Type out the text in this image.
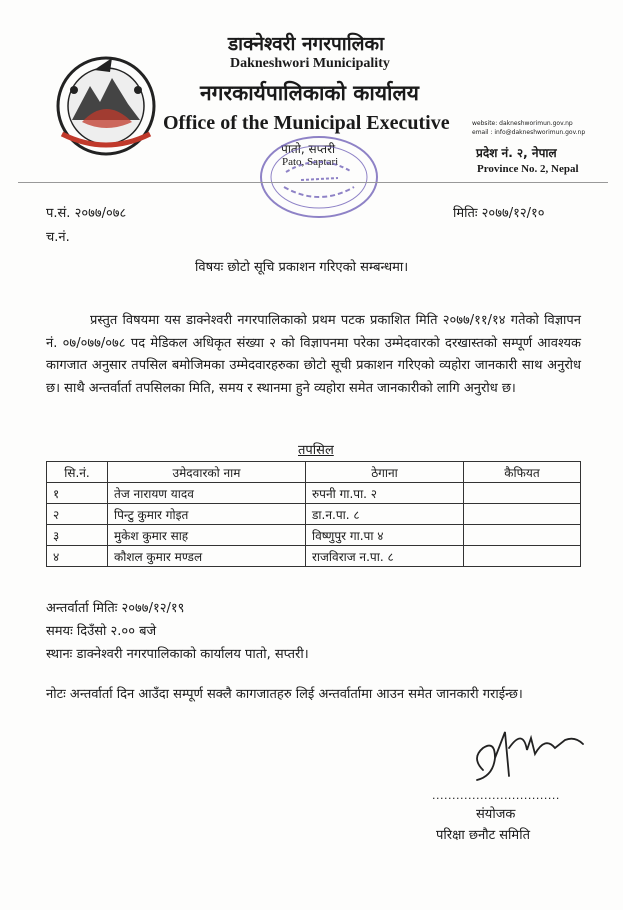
डाक्नेश्वरी नगरपालिका
Dakneshwori Municipality
नगरकार्यपालिकाको कार्यालय
Office of the Municipal Executive
पातो, सप्तरी
Pato, Saptari
website: dakneshworimun.gov.np
email : info@dakneshworimun.gov.np
प्रदेश नं. २, नेपाल
Province No. 2, Nepal
प.सं. २०७७/०७८
च.नं.
मितिः २०७७/१२/१०
विषयः छोटो सूचि प्रकाशन गरिएको सम्बन्धमा।
प्रस्तुत विषयमा यस डाक्नेश्वरी नगरपालिकाको प्रथम पटक प्रकाशित मिति २०७७/११/१४ गतेको विज्ञापन नं. ०७/०७७/०७८ पद मेडिकल अधिकृत संख्या २ को विज्ञापनमा परेका उम्मेदवारको दरखास्तको सम्पूर्ण आवश्यक कागजात अनुसार तपसिल बमोजिमका उम्मेदवारहरुका छोटो सूची प्रकाशन गरिएको व्यहोरा जानकारी साथ अनुरोध छ। साथै अन्तर्वार्ता तपसिलका मिति, समय र स्थानमा हुने व्यहोरा समेत जानकारीको लागि अनुरोध छ।
तपसिल
सि.नं.	उमेदवारको नाम	ठेगाना	कैफियत
१	तेज नारायण यादव	रुपनी गा.पा. २	
२	पिन्टु कुमार गोइत	डा.न.पा. ८	
३	मुकेश कुमार साह	विष्णुपुर गा.पा ४	
४	कौशल कुमार मण्डल	राजविराज न.पा. ८	
अन्तर्वार्ता मितिः २०७७/१२/१९
समयः दिउँसो २.०० बजे
स्थानः डाक्नेश्वरी नगरपालिकाको कार्यालय पातो, सप्तरी।
नोटः अन्तर्वार्ता दिन आउँदा सम्पूर्ण सक्लै कागजातहरु लिई अन्तर्वार्तामा आउन समेत जानकारी गराईन्छ।
................................
संयोजक
परिक्षा छनौट समिति
